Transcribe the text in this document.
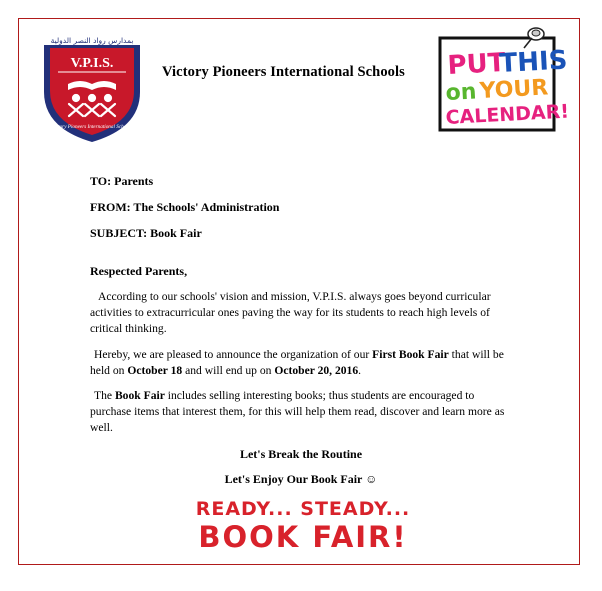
بمدارس رواد النصر الدولية
V.P.I.S.
Victory Pioneers International Schools
Victory Pioneers International Schools PUT
THIS
on YOUR
CALENDAR!
TO: Parents
FROM: The Schools' Administration
SUBJECT: Book Fair
Respected Parents,
According to our schools' vision and mission, V.P.I.S. always goes beyond curricular activities to extracurricular ones paving the way for its students to reach high levels of critical thinking.
Hereby, we are pleased to announce the organization of our First Book Fair that will be held on October 18 and will end up on October 20, 2016.
The Book Fair includes selling interesting books; thus students are encouraged to purchase items that interest them, for this will help them read, discover and learn more as well.
Let's Break the Routine
Let's Enjoy Our Book Fair ☺
READY... STEADY...
BOOK FAIR!
